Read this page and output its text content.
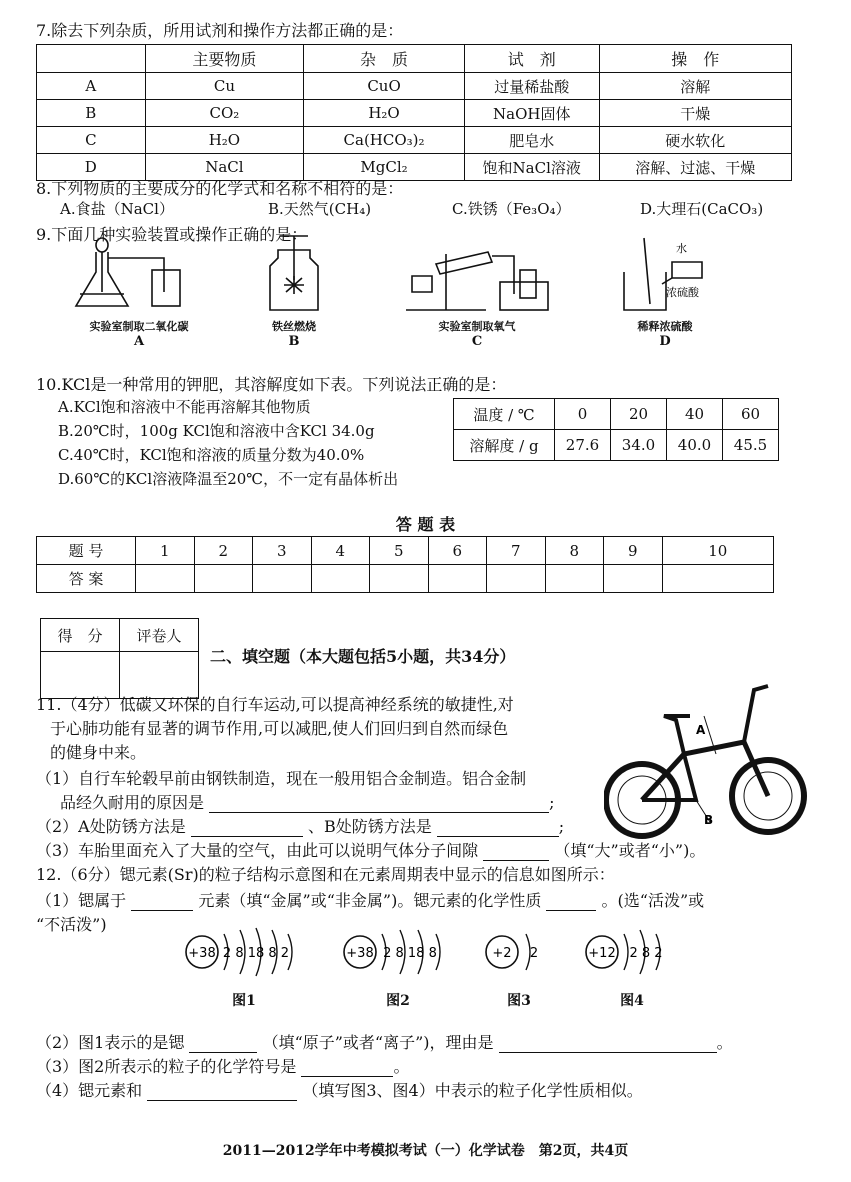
7.除去下列杂质，所用试剂和操作方法都正确的是：
	主要物质	杂　质	试　剂	操　作
A	Cu	CuO	过量稀盐酸	溶解
B	CO₂	H₂O	NaOH固体	干燥
C	H₂O	Ca(HCO₃)₂	肥皂水	硬水软化
D	NaCl	MgCl₂	饱和NaCl溶液	溶解、过滤、干燥
8.下列物质的主要成分的化学式和名称不相符的是：
A.食盐（NaCl）	B.天然气(CH₄)	C.铁锈（Fe₃O₄）	D.大理石(CaCO₃)
9.下面几种实验装置或操作正确的是：
实验室制取二氧化碳
A
铁丝燃烧
B
实验室制取氧气
C
水
浓硫酸
稀释浓硫酸
D
10.KCl是一种常用的钾肥，其溶解度如下表。下列说法正确的是：
A.KCl饱和溶液中不能再溶解其他物质
B.20℃时，100g KCl饱和溶液中含KCl 34.0g
C.40℃时，KCl饱和溶液的质量分数为40.0%
D.60℃的KCl溶液降温至20℃，不一定有晶体析出
温度 / ℃	0	20	40	60
溶解度 / g	27.6	34.0	40.0	45.5
答 题 表
题 号	1	2	3	4	5	6	7	8	9	10
答 案										
得　分	评卷人

二、填空题（本大题包括5小题，共34分）
11.（4分）低碳又环保的自行车运动,可以提高神经系统的敏捷性,对
于心肺功能有显著的调节作用,可以减肥,使人们回归到自然而绿色
的健身中来。
（1）自行车轮毂早前由钢铁制造，现在一般用铝合金制造。铝合金制
品经久耐用的原因是	;
（2）A处防锈方法是	、B处防锈方法是	;
（3）车胎里面充入了大量的空气，由此可以说明气体分子间隙	（填“大”或者“小”)。
A
B
12.（6分）锶元素(Sr)的粒子结构示意图和在元素周期表中显示的信息如图所示：
（1）锶属于	元素（填“金属”或“非金属”)。锶元素的化学性质	。(选“活泼”或
“不活泼”)
+38 2 8 18 8 2
图1
+38 2 8 18 8
图2
+2 2
图3
+12 2 8 2
图4
（2）图1表示的是锶	（填“原子”或者“离子”)，理由是	。
（3）图2所表示的粒子的化学符号是	。
（4）锶元素和	（填写图3、图4）中表示的粒子化学性质相似。
2011—2012学年中考模拟考试（一）化学试卷　第2页，共4页
